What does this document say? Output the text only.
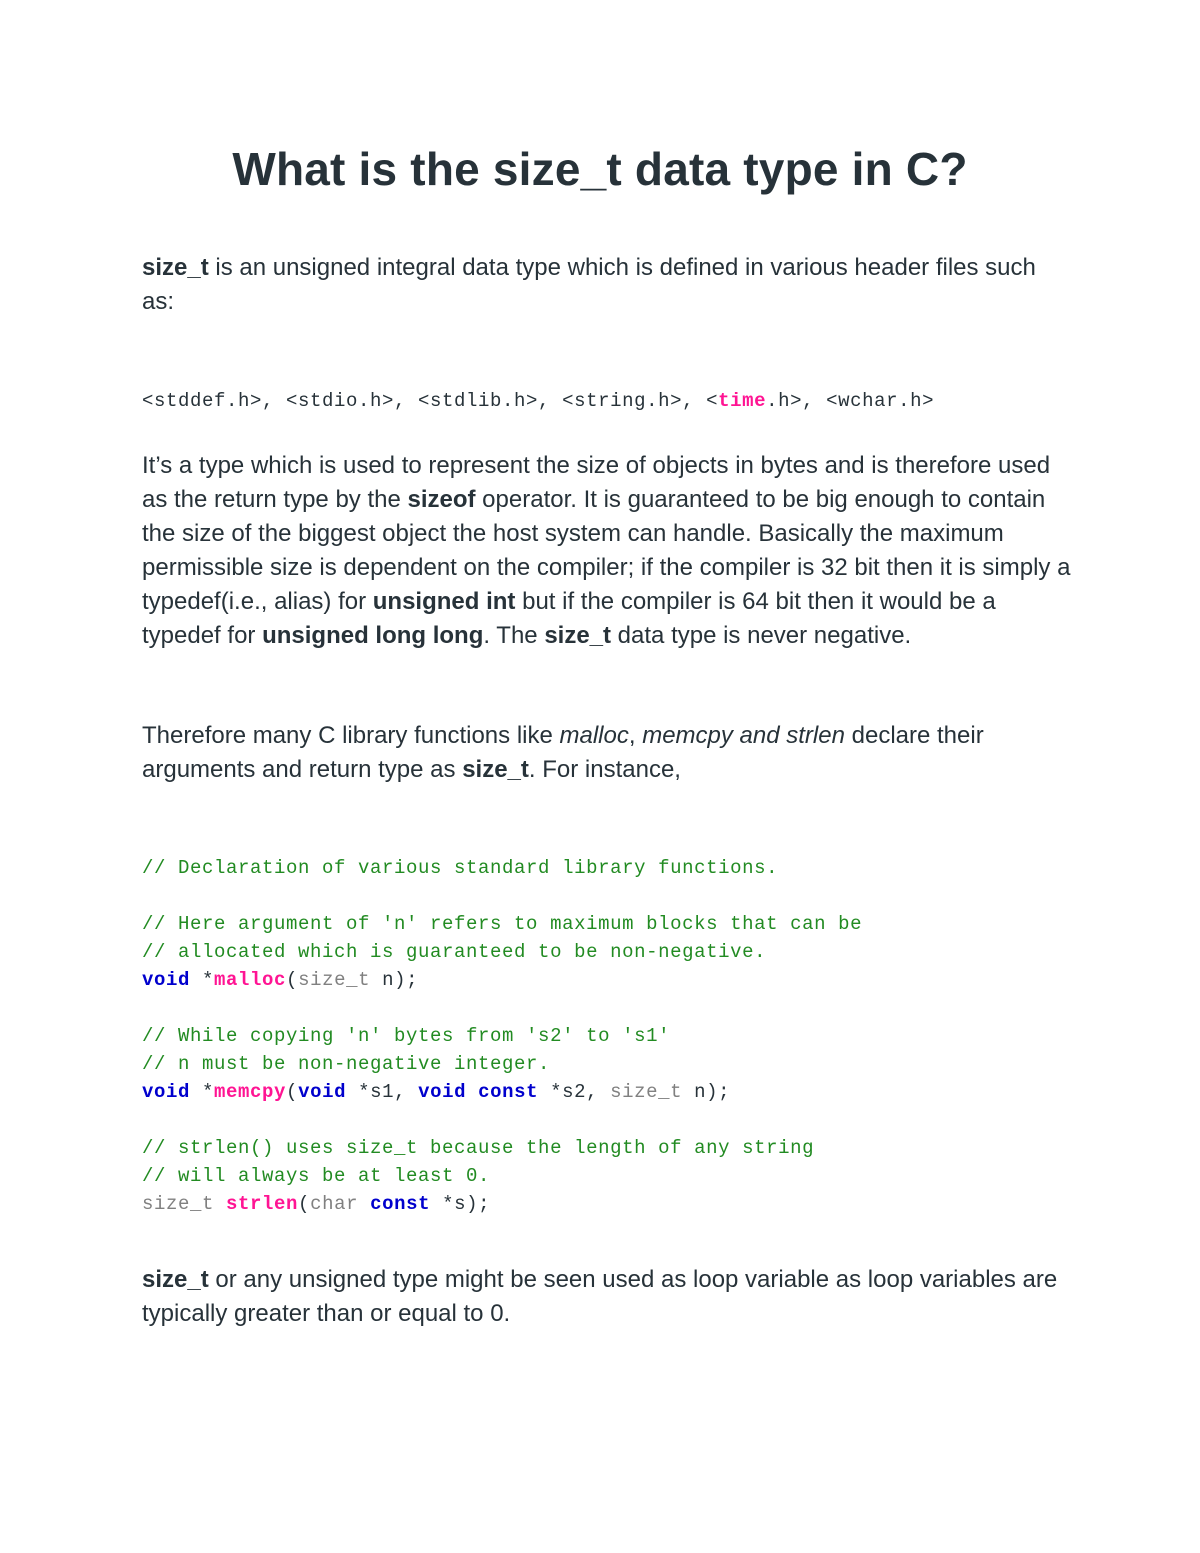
What is the size_t data type in C?

size_t is an unsigned integral data type which is defined in various header files such as:

<stddef.h>, <stdio.h>, <stdlib.h>, <string.h>, <time.h>, <wchar.h>

It’s a type which is used to represent the size of objects in bytes and is therefore used as the return type by the sizeof operator. It is guaranteed to be big enough to contain the size of the biggest object the host system can handle. Basically the maximum permissible size is dependent on the compiler; if the compiler is 32 bit then it is simply a typedef(i.e., alias) for unsigned int but if the compiler is 64 bit then it would be a typedef for unsigned long long. The size_t data type is never negative.

Therefore many C library functions like malloc, memcpy and strlen declare their arguments and return type as size_t. For instance,

// Declaration of various standard library functions.

// Here argument of 'n' refers to maximum blocks that can be
// allocated which is guaranteed to be non-negative.
void *malloc(size_t n);

// While copying 'n' bytes from 's2' to 's1'
// n must be non-negative integer.
void *memcpy(void *s1, void const *s2, size_t n);

// strlen() uses size_t because the length of any string
// will always be at least 0.
size_t strlen(char const *s);

size_t or any unsigned type might be seen used as loop variable as loop variables are typically greater than or equal to 0.
